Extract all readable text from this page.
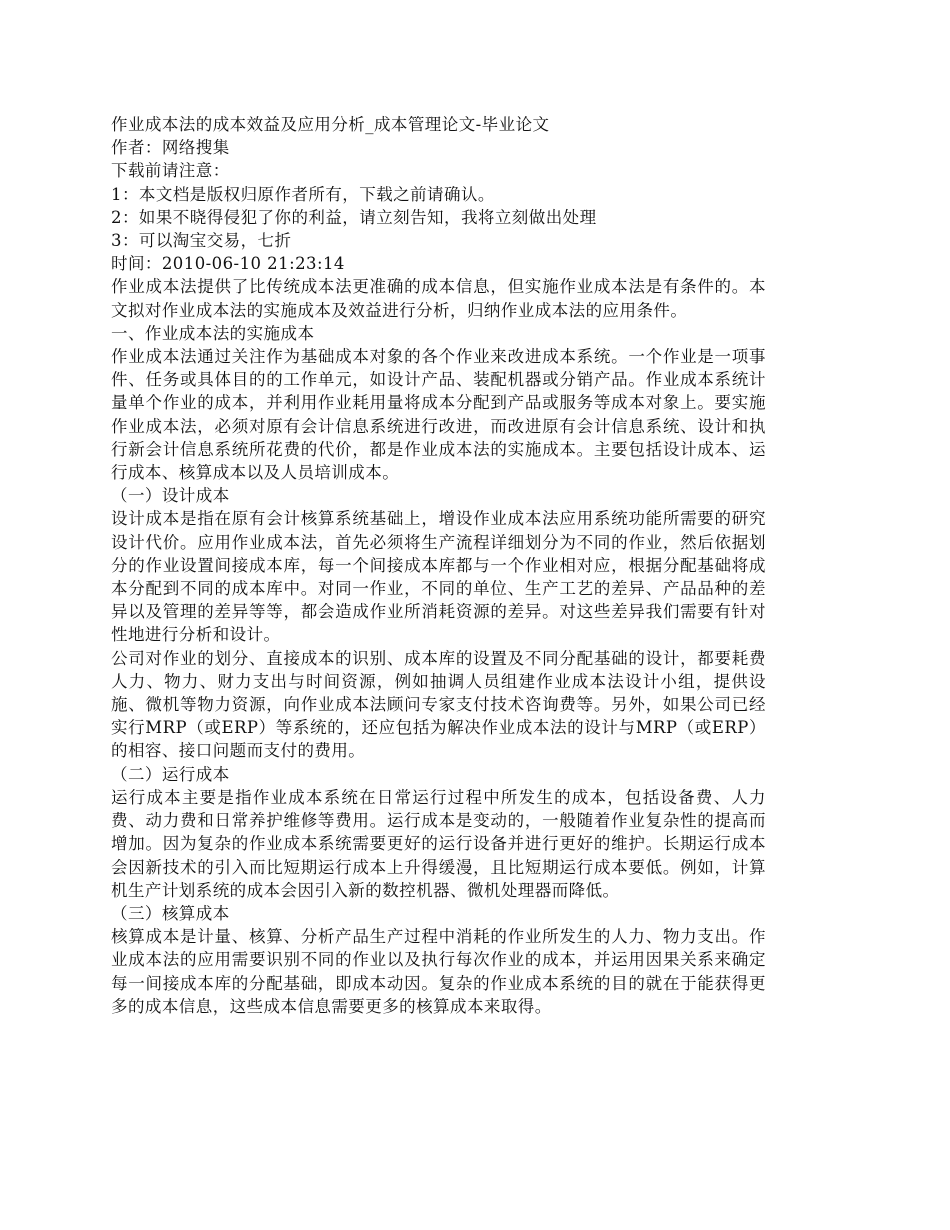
作业成本法的成本效益及应用分析_成本管理论文-毕业论文

作者：网络搜集

下载前请注意：

1：本文档是版权归原作者所有，下载之前请确认。

2：如果不晓得侵犯了你的利益，请立刻告知，我将立刻做出处理

3：可以淘宝交易，七折

时间：2010-06-10 21:23:14

作业成本法提供了比传统成本法更准确的成本信息，但实施作业成本法是有条件的。本文拟对作业成本法的实施成本及效益进行分析，归纳作业成本法的应用条件。

一、作业成本法的实施成本

作业成本法通过关注作为基础成本对象的各个作业来改进成本系统。一个作业是一项事件、任务或具体目的的工作单元，如设计产品、装配机器或分销产品。作业成本系统计量单个作业的成本，并利用作业耗用量将成本分配到产品或服务等成本对象上。要实施作业成本法，必须对原有会计信息系统进行改进，而改进原有会计信息系统、设计和执行新会计信息系统所花费的代价，都是作业成本法的实施成本。主要包括设计成本、运行成本、核算成本以及人员培训成本。

（一）设计成本

设计成本是指在原有会计核算系统基础上，增设作业成本法应用系统功能所需要的研究设计代价。应用作业成本法，首先必须将生产流程详细划分为不同的作业，然后依据划分的作业设置间接成本库，每一个间接成本库都与一个作业相对应，根据分配基础将成本分配到不同的成本库中。对同一作业，不同的单位、生产工艺的差异、产品品种的差异以及管理的差异等等，都会造成作业所消耗资源的差异。对这些差异我们需要有针对性地进行分析和设计。

公司对作业的划分、直接成本的识别、成本库的设置及不同分配基础的设计，都要耗费人力、物力、财力支出与时间资源，例如抽调人员组建作业成本法设计小组，提供设施、微机等物力资源，向作业成本法顾问专家支付技术咨询费等。另外，如果公司已经实行MRP（或ERP）等系统的，还应包括为解决作业成本法的设计与MRP（或ERP）的相容、接口问题而支付的费用。

（二）运行成本

运行成本主要是指作业成本系统在日常运行过程中所发生的成本，包括设备费、人力费、动力费和日常养护维修等费用。运行成本是变动的，一般随着作业复杂性的提高而增加。因为复杂的作业成本系统需要更好的运行设备并进行更好的维护。长期运行成本会因新技术的引入而比短期运行成本上升得缓漫，且比短期运行成本要低。例如，计算机生产计划系统的成本会因引入新的数控机器、微机处理器而降低。

（三）核算成本

核算成本是计量、核算、分析产品生产过程中消耗的作业所发生的人力、物力支出。作业成本法的应用需要识别不同的作业以及执行每次作业的成本，并运用因果关系来确定每一间接成本库的分配基础，即成本动因。复杂的作业成本系统的目的就在于能获得更多的成本信息，这些成本信息需要更多的核算成本来取得。
